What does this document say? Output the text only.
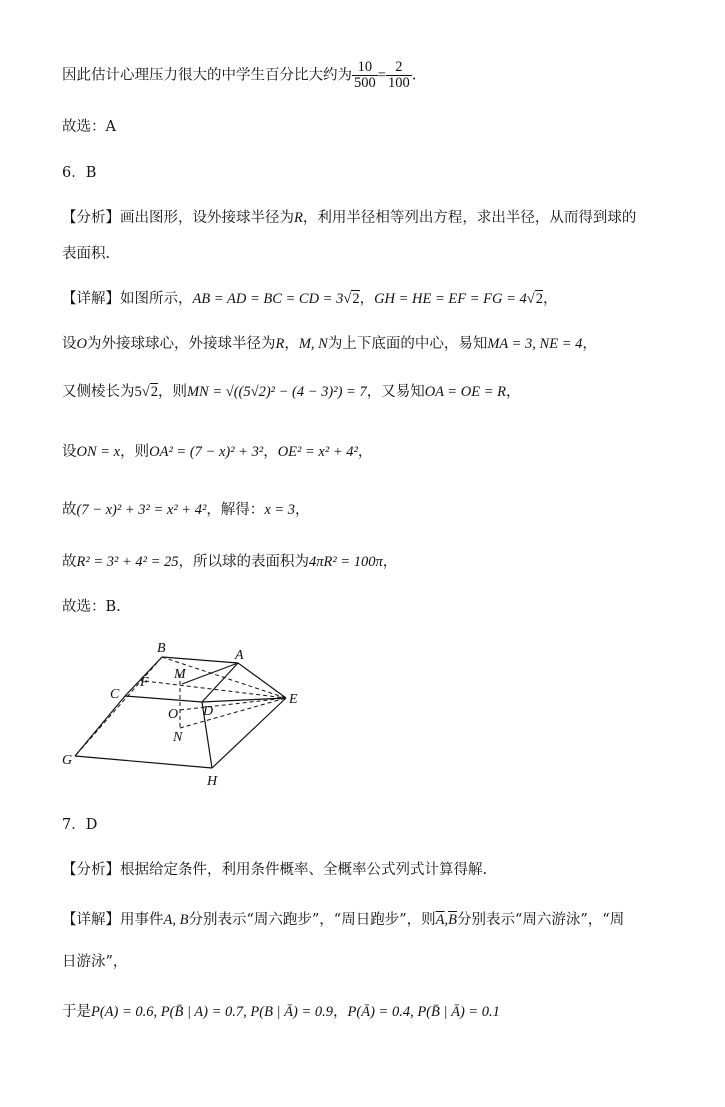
因此估计心理压力很大的中学生百分比大约为 $\frac{10}{500} = \frac{2}{100}$ .
故选：A
6．B
【分析】画出图形，设外接球半径为R，利用半径相等列出方程，求出半径，从而得到球的
表面积.
【详解】如图所示，AB = AD = BC = CD = 3√2，GH = HE = EF = FG = 4√2，
设O为外接球球心，外接球半径为R，M, N为上下底面的中心，易知MA = 3, NE = 4，
又侧棱长为5√2，则MN = √((5√2)² − (4 − 3)²) = 7，又易知OA = OE = R，
设ON = x，则OA² = (7 − x)² + 3²，OE² = x² + 4²，
故(7 − x)² + 3² = x² + 4²，解得：x = 3，
故R² = 3² + 4² = 25，所以球的表面积为4πR² = 100π，
故选：B.
B	A
M
F
C
D
E
O
N
G
H
7．D
【分析】根据给定条件，利用条件概率、全概率公式列式计算得解.
【详解】用事件A, B分别表示“周六跑步”，“周日跑步”，则$\overline{A},\overline{B}$分别表示“周六游泳”，“周
日游泳”，
于是P(A) = 0.6, P(B̄ | A) = 0.7, P(B | Ā) = 0.9，P(Ā) = 0.4, P(B̄ | Ā) = 0.1
